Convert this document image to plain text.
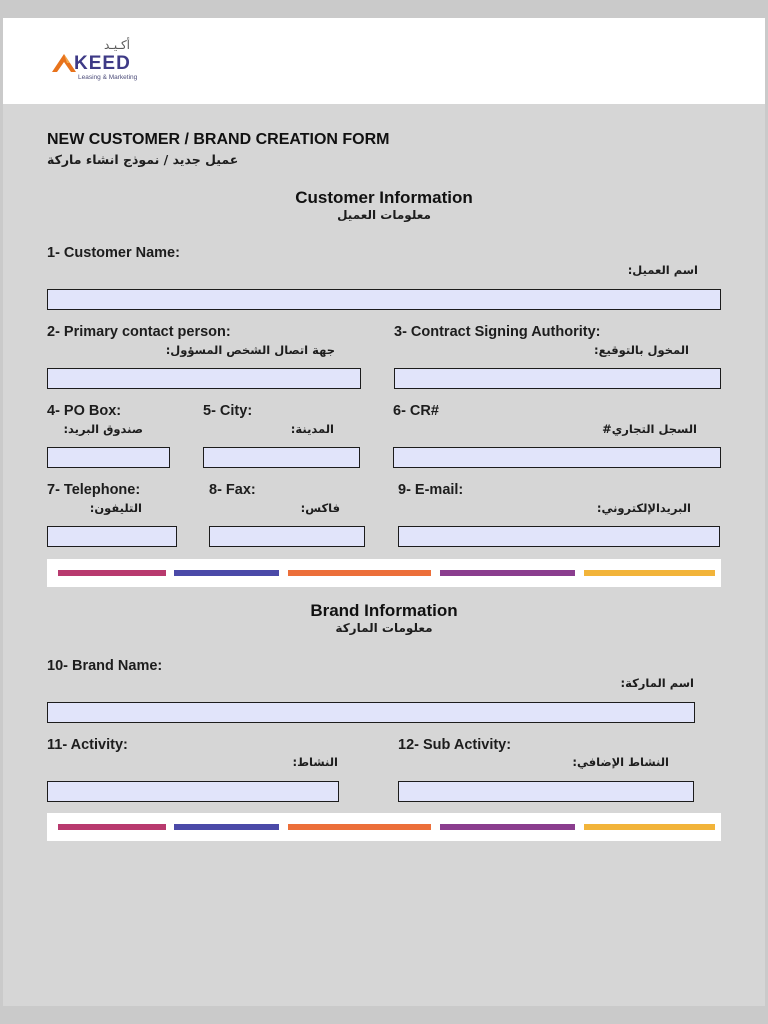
أكـيـد
KEED
Leasing & Marketing
NEW CUSTOMER / BRAND CREATION FORM
عميل جديد / نموذج انشاء ماركة
Customer Information
معلومات العميل
1- Customer Name:
اسم العميل:
2- Primary contact person:
جهة اتصال الشخص المسؤول:
3- Contract Signing Authority:
المخول بالتوقيع:
4- PO Box:
صندوق البريد:
5- City:
المدينة:
6- CR#
السجل التجاري#
7- Telephone:
التليفون:
8- Fax:
فاكس:
9- E-mail:
البريدالإلكتروني:
Brand Information
معلومات الماركة
10- Brand Name:
اسم الماركة:
11- Activity:
النشاط:
12- Sub Activity:
النشاط الإضافي:
